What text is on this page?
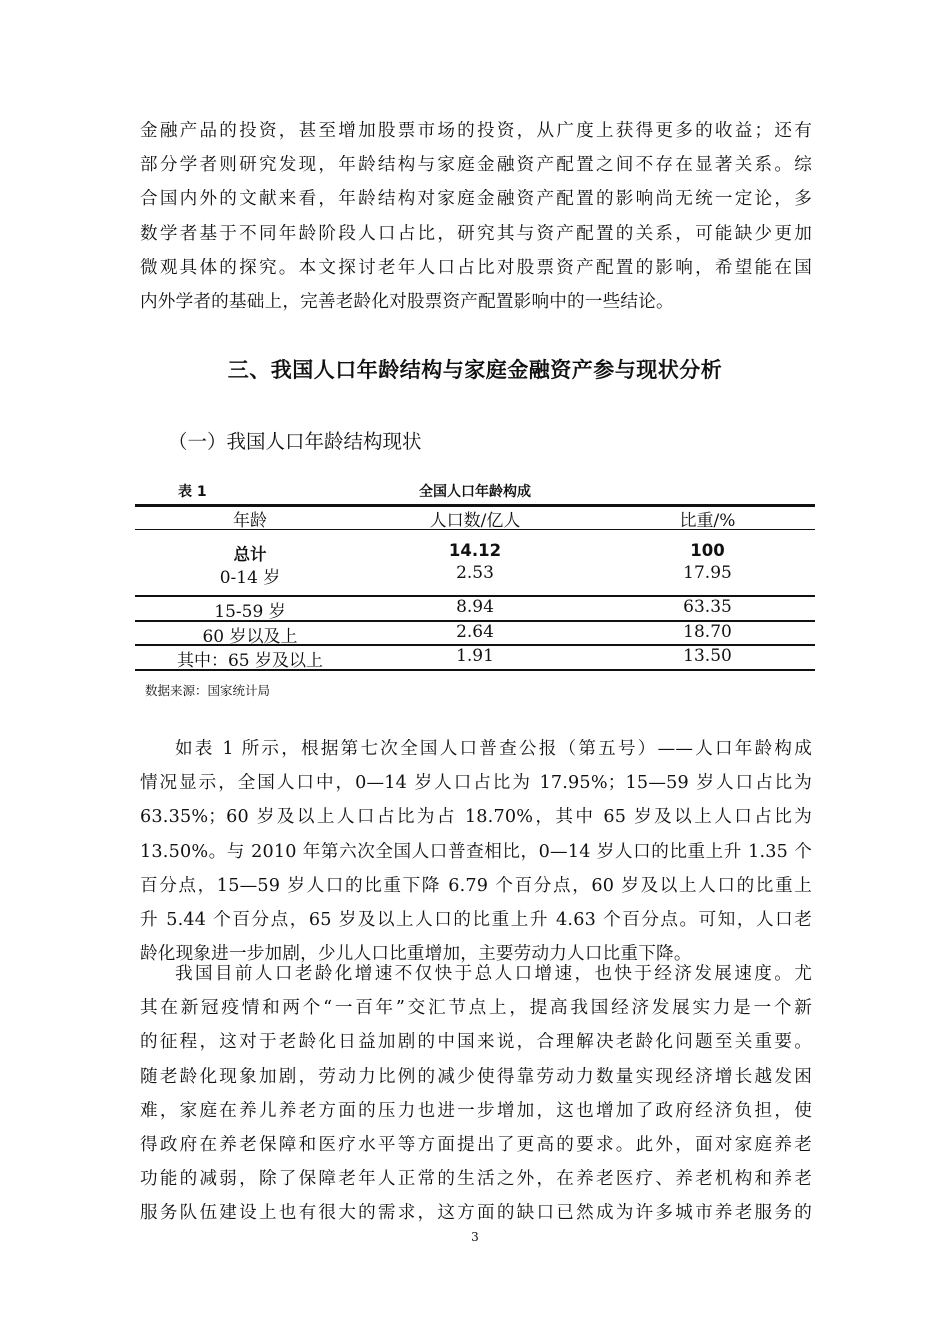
金融产品的投资，甚至增加股票市场的投资，从广度上获得更多的收益；还有
部分学者则研究发现，年龄结构与家庭金融资产配置之间不存在显著关系。综
合国内外的文献来看，年龄结构对家庭金融资产配置的影响尚无统一定论，多
数学者基于不同年龄阶段人口占比，研究其与资产配置的关系，可能缺少更加
微观具体的探究。本文探讨老年人口占比对股票资产配置的影响，希望能在国
内外学者的基础上，完善老龄化对股票资产配置影响中的一些结论。
三、我国人口年龄结构与家庭金融资产参与现状分析
（一）我国人口年龄结构现状
表 1	全国人口年龄构成
年龄	人口数/亿人	比重/%
总计	14.12	100
0-14 岁	2.53	17.95
15-59 岁	8.94	63.35
60 岁以及上	2.64	18.70
其中：65 岁及以上	1.91	13.50
数据来源：国家统计局
如表 1 所示，根据第七次全国人口普查公报（第五号）——人口年龄构成
情况显示，全国人口中，0—14 岁人口占比为 17.95%；15—59 岁人口占比为
63.35%；60 岁及以上人口占比为占 18.70%，其中 65 岁及以上人口占比为
13.50%。与 2010 年第六次全国人口普查相比，0—14 岁人口的比重上升 1.35 个
百分点，15—59 岁人口的比重下降 6.79 个百分点，60 岁及以上人口的比重上
升 5.44 个百分点，65 岁及以上人口的比重上升 4.63 个百分点。可知，人口老
龄化现象进一步加剧，少儿人口比重增加，主要劳动力人口比重下降。
我国目前人口老龄化增速不仅快于总人口增速，也快于经济发展速度。尤
其在新冠疫情和两个“一百年”交汇节点上，提高我国经济发展实力是一个新
的征程，这对于老龄化日益加剧的中国来说，合理解决老龄化问题至关重要。
随老龄化现象加剧，劳动力比例的减少使得靠劳动力数量实现经济增长越发困
难，家庭在养儿养老方面的压力也进一步增加，这也增加了政府经济负担，使
得政府在养老保障和医疗水平等方面提出了更高的要求。此外，面对家庭养老
功能的减弱，除了保障老年人正常的生活之外，在养老医疗、养老机构和养老
服务队伍建设上也有很大的需求，这方面的缺口已然成为许多城市养老服务的
3
